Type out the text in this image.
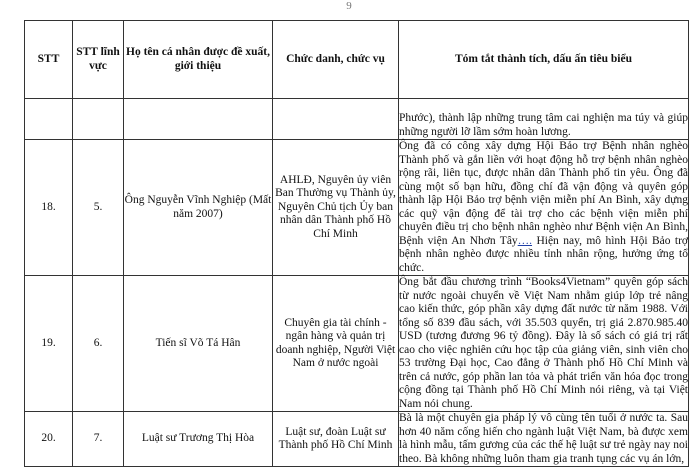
9
STT	STT lĩnh vực	Họ tên cá nhân được đề xuất, giới thiệu	Chức danh, chức vụ	Tóm tắt thành tích, dấu ấn tiêu biểu
				Phước), thành lập những trung tâm cai nghiện ma túy và giúp những người lỡ lầm sớm hoàn lương.
18.	5.	Ông Nguyễn Vĩnh Nghiệp (Mất năm 2007)	AHLĐ, Nguyên ủy viên Ban Thường vụ Thành ủy, Nguyên Chủ tịch Ủy ban nhân dân Thành phố Hồ Chí Minh	Ông đã có công xây dựng Hội Bảo trợ Bệnh nhân nghèo Thành phố và gắn liền với hoạt động hỗ trợ bệnh nhân nghèo rộng rãi, liên tục, được nhân dân Thành phố tin yêu. Ông đã cùng một số bạn hữu, đồng chí đã vận động và quyên góp thành lập Hội Bảo trợ bệnh viện miễn phí An Bình, xây dựng các quỹ vận động để tài trợ cho các bệnh viện miễn phí chuyên điều trị cho bệnh nhân nghèo như Bệnh viện An Bình, Bệnh viện An Nhơn Tây…. Hiện nay, mô hình Hội Bảo trợ bệnh nhân nghèo được nhiều tỉnh nhân rộng, hưởng ứng tổ chức.
19.	6.	Tiến sĩ Võ Tá Hân	Chuyên gia tài chính - ngân hàng và quản trị doanh nghiệp, Người Việt Nam ở nước ngoài	Ông bắt đầu chương trình “Books4Vietnam” quyên góp sách từ nước ngoài chuyển về Việt Nam nhằm giúp lớp trẻ nâng cao kiến thức, góp phần xây dựng đất nước từ năm 1988. Với tổng số 839 đầu sách, với 35.503 quyển, trị giá 2.870.985.40 USD (tương đương 96 tỷ đồng). Đây là số sách có giá trị rất cao cho việc nghiên cứu học tập của giảng viên, sinh viên cho 53 trường Đại học, Cao đẳng ở Thành phố Hồ Chí Minh và trên cả nước, góp phần lan tỏa và phát triển văn hóa đọc trong cộng đồng tại Thành phố Hồ Chí Minh nói riêng, và tại Việt Nam nói chung.
20.	7.	Luật sư Trương Thị Hòa	Luật sư, đoàn Luật sư Thành phố Hồ Chí Minh	Bà là một chuyên gia pháp lý vô cùng tên tuổi ở nước ta. Sau hơn 40 năm cống hiến cho ngành luật Việt Nam, bà được xem là hình mẫu, tấm gương của các thế hệ luật sư trẻ ngày nay noi theo. Bà không những luôn tham gia tranh tụng các vụ án lớn,
